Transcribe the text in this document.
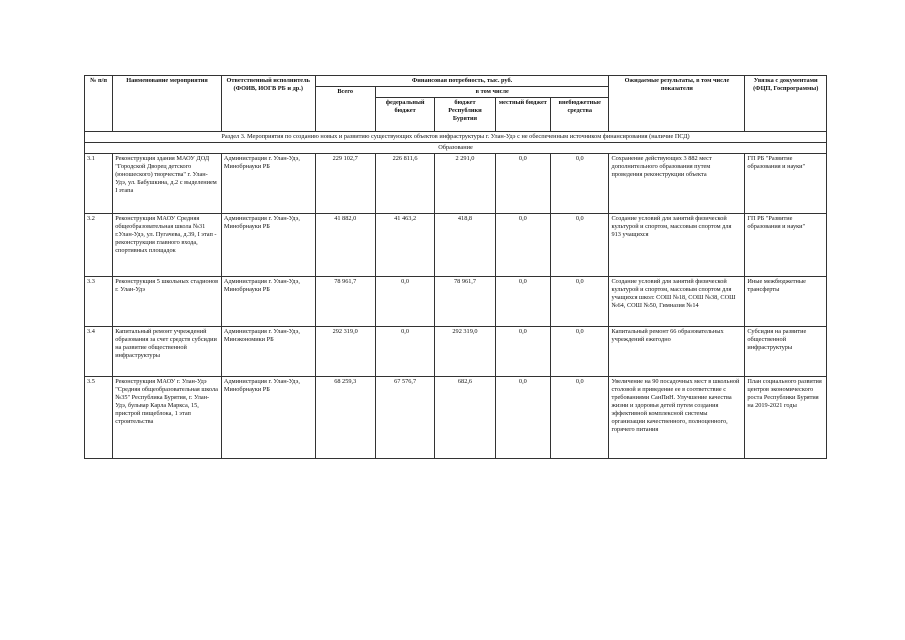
№ п/п	Наименование мероприятия	Ответственный исполнитель (ФОИВ, ИОГВ РБ и др.)	Финансовая потребность, тыс. руб.					Ожидаемые результаты, в том числе показатели	Увязка с документами (ФЦП, Госпрограммы)
			Всего	в том числе					
				федеральный бюджет	бюджет Республики Бурятия	местный бюджет	внебюджетные средства		
Раздел 3. Мероприятия по созданию новых и развитию существующих объектов инфраструктуры г. Улан-Удэ с не обеспеченным источником финансирования (наличие ПСД)									
Образование									
3.1	Реконструкция здания МАОУ ДОД "Городской Дворец детского (юношеского) творчества" г. Улан-Удэ, ул. Бабушкина, д.2 с выделением I этапа	Администрация г. Улан-Удэ, Минобрнауки РБ	229 102,7	226 811,6	2 291,0	0,0	0,0	Сохранение действующих 3 882 мест дополнительного образования путем проведения реконструкции объекта	ГП РБ "Развитие образования и науки"
3.2	Реконструкция МАОУ Средняя общеобразовательная школа №31 г.Улан-Удэ, ул. Пугачева, д.39, I этап - реконструкция главного входа, спортивных площадок	Администрация г. Улан-Удэ, Минобрнауки РБ	41 882,0	41 463,2	418,8	0,0	0,0	Создание условий для занятий физической культурой и спортом, массовым спортом для 913 учащихся	ГП РБ "Развитие образования и науки"
3.3	Реконструкция 5 школьных стадионов г. Улан-Удэ	Администрация г. Улан-Удэ, Минобрнауки РБ	78 961,7	0,0	78 961,7	0,0	0,0	Создание условий для занятий физической культурой и спортом, массовым спортом для учащихся школ: СОШ №18, СОШ №38, СОШ №64, СОШ №50, Гимназия №14	Иные межбюджетные трансферты
3.4	Капитальный ремонт учреждений образования за счет средств субсидии на развитие общественной инфраструктуры	Администрация г. Улан-Удэ, Минэкономики РБ	292 319,0	0,0	292 319,0	0,0	0,0	Капитальный ремонт 66 образовательных учреждений ежегодно	Субсидия на развитие общественной инфраструктуры
3.5	Реконструкция МАОУ г. Улан-Удэ "Средняя общеобразовательная школа №35" Республика Бурятия, г. Улан-Удэ, бульвар Карла Маркса, 15, пристрой пищеблока, 1 этап строительства	Администрация г. Улан-Удэ, Минобрнауки РБ	68 259,3	67 576,7	682,6	0,0	0,0	Увеличение на 90 посадочных мест в школьной столовой и приведение ее в соответствие с требованиями СанПиН. Улучшение качества жизни и здоровья детей путем создания эффективной комплексной системы организации качественного, полноценного, горячего питания	План социального развития центров экономического роста Республики Бурятия на 2019-2021 годы
